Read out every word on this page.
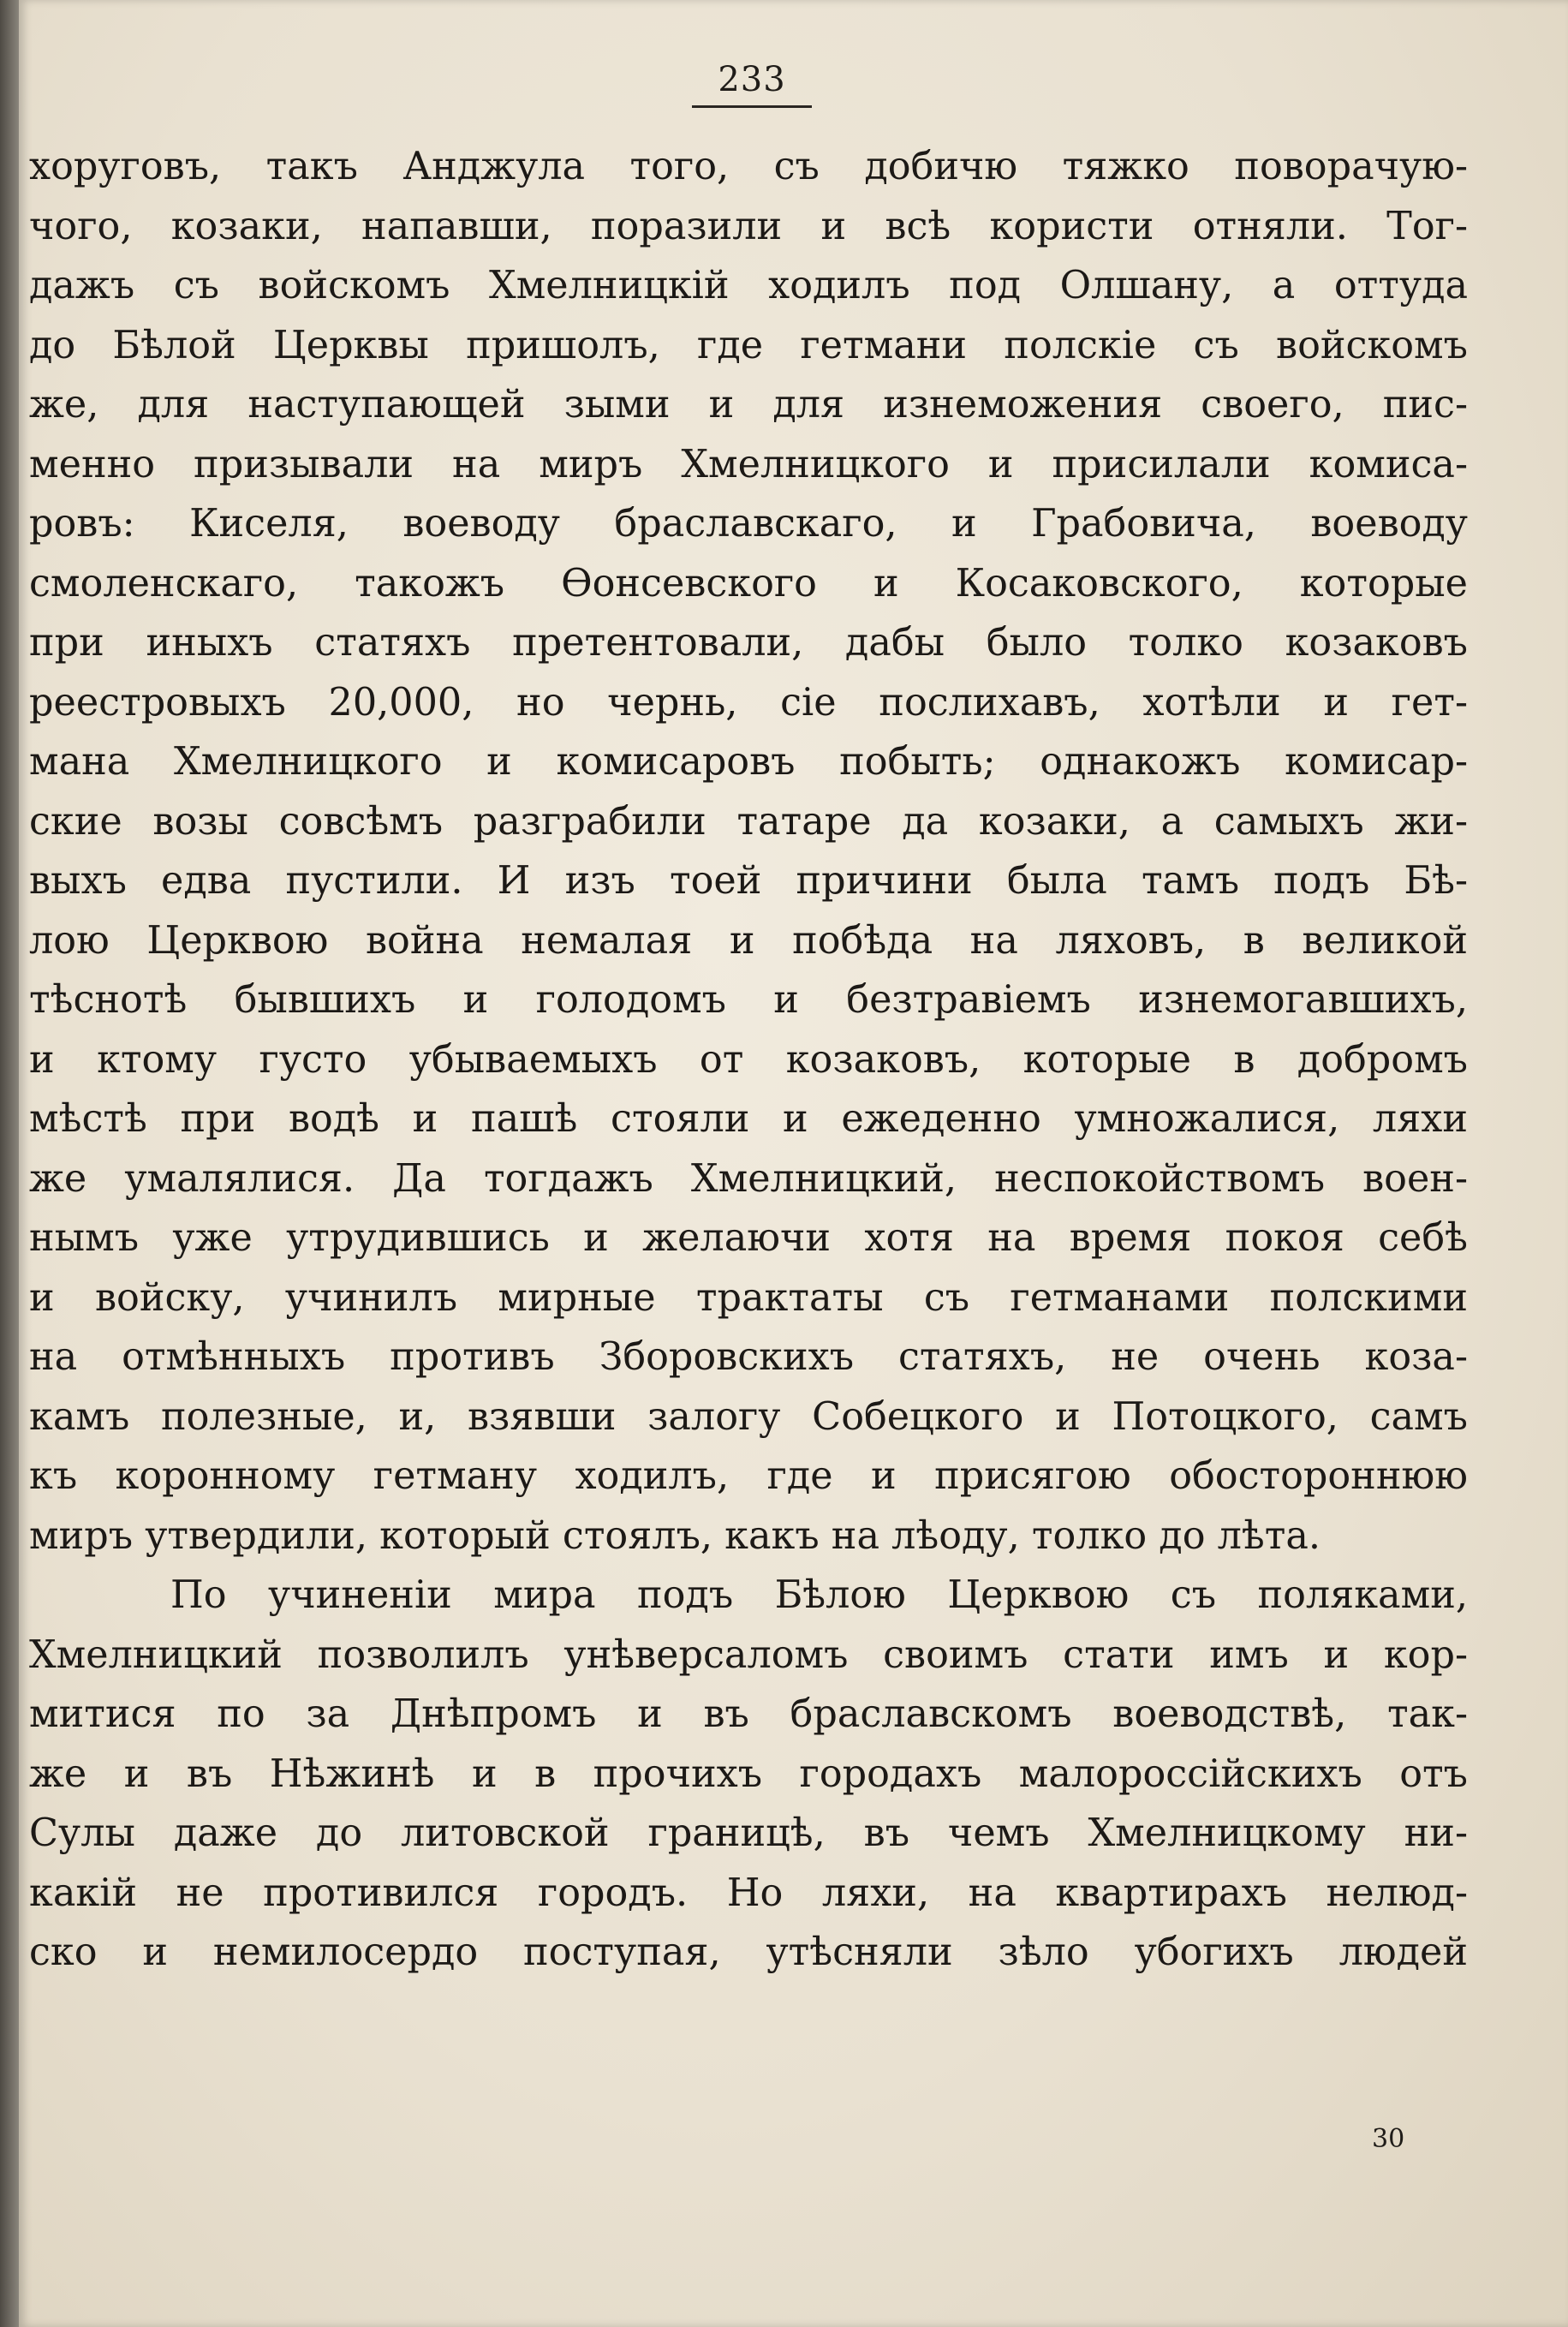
233
хоруговъ, такъ Анджула того, съ добичю тяжко поворачую-
чого, козаки, напавши, поразили и всѣ користи отняли. Тог-
дажъ съ войскомъ Хмелницкій ходилъ под Олшану, а оттуда
до Бѣлой Церквы пришолъ, где гетмани полскіе съ войскомъ
же, для наступающей зыми и для изнеможения своего, пис-
менно призывали на миръ Хмелницкого и присилали комиса-
ровъ: Киселя, воеводу браславскаго, и Грабовича, воеводу
смоленскаго, такожъ Ѳонсевского и Косаковского, которые
при иныхъ статяхъ претентовали, дабы было толко козаковъ
реестровыхъ 20,000, но чернь, сіе послихавъ, хотѣли и гет-
мана Хмелницкого и комисаровъ побыть; однакожъ комисар-
ские возы совсѣмъ разграбили татаре да козаки, а самыхъ жи-
выхъ едва пустили. И изъ тоей причини была тамъ подъ Бѣ-
лою Церквою война немалая и побѣда на ляховъ, в великой
тѣснотѣ бывшихъ и голодомъ и безтравіемъ изнемогавшихъ,
и ктому густо убываемыхъ от козаковъ, которые в добромъ
мѣстѣ при водѣ и пашѣ стояли и ежеденно умножалися, ляхи
же умалялися. Да тогдажъ Хмелницкий, неспокойствомъ воен-
нымъ уже утрудившись и желаючи хотя на время покоя себѣ
и войску, учинилъ мирные трактаты съ гетманами полскими
на отмѣнныхъ противъ Зборовскихъ статяхъ, не очень коза-
камъ полезные, и, взявши залогу Собецкого и Потоцкого, самъ
къ коронному гетману ходилъ, где и присягою обостороннюю
миръ утвердили, который стоялъ, какъ на лѣоду, толко до лѣта.
По учиненіи мира подъ Бѣлою Церквою съ поляками,
Хмелницкий позволилъ унѣверсаломъ своимъ стати имъ и кор-
митися по за Днѣпромъ и въ браславскомъ воеводствѣ, так-
же и въ Нѣжинѣ и в прочихъ городахъ малороссійскихъ отъ
Сулы даже до литовской границѣ, въ чемъ Хмелницкому ни-
какій не противился городъ. Но ляхи, на квартирахъ нелюд-
ско и немилосердо поступая, утѣсняли зѣло убогихъ людей
30
